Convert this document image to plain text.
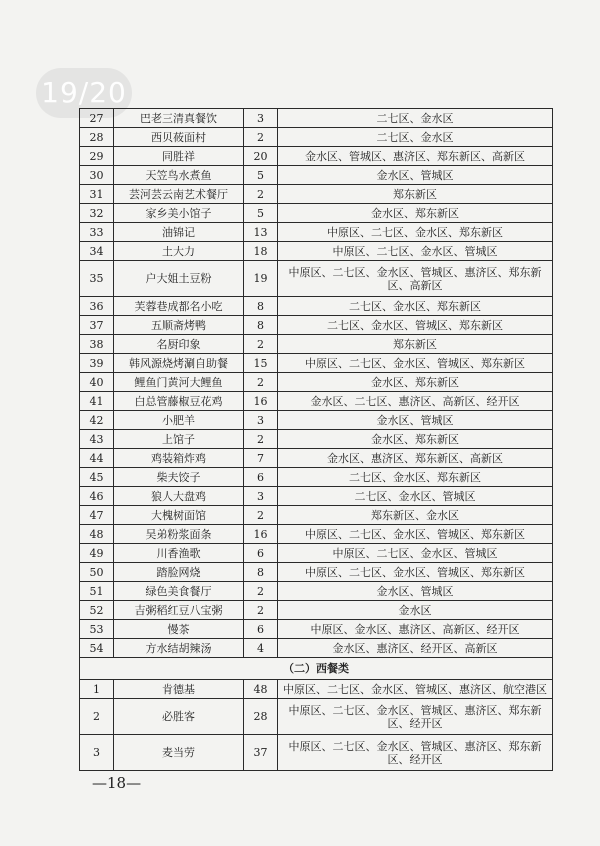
19/20
27	巴老三清真餐饮	3	二七区、金水区
28	西贝莜面村	2	二七区、金水区
29	同胜祥	20	金水区、管城区、惠济区、郑东新区、高新区
30	天笠鸟水煮鱼	5	金水区、管城区
31	芸河芸云南艺术餐厅	2	郑东新区
32	家乡美小馆子	5	金水区、郑东新区
33	油锦记	13	中原区、二七区、金水区、郑东新区
34	土大力	18	中原区、二七区、金水区、管城区
35	户大姐土豆粉	19	中原区、二七区、金水区、管城区、惠济区、郑东新区、高新区
36	芙蓉巷成都名小吃	8	二七区、金水区、郑东新区
37	五顺斋烤鸭	8	二七区、金水区、管城区、郑东新区
38	名厨印象	2	郑东新区
39	韩风源烧烤涮自助餐	15	中原区、二七区、金水区、管城区、郑东新区
40	鲤鱼门黄河大鲤鱼	2	金水区、郑东新区
41	白总管藤椒豆花鸡	16	金水区、二七区、惠济区、高新区、经开区
42	小肥羊	3	金水区、管城区
43	上馆子	2	金水区、郑东新区
44	鸡装箱炸鸡	7	金水区、惠济区、郑东新区、高新区
45	柴夫饺子	6	二七区、金水区、郑东新区
46	狼人大盘鸡	3	二七区、金水区、管城区
47	大槐树面馆	2	郑东新区、金水区
48	吴弟粉浆面条	16	中原区、二七区、金水区、管城区、郑东新区
49	川香渔歌	6	中原区、二七区、金水区、管城区
50	踏脸网烧	8	中原区、二七区、金水区、管城区、郑东新区
51	绿色美食餐厅	2	金水区、管城区
52	吉粥稻红豆八宝粥	2	金水区
53	慢茶	6	中原区、金水区、惠济区、高新区、经开区
54	方水结胡辣汤	4	金水区、惠济区、经开区、高新区
（二）西餐类			
1	肯德基	48	中原区、二七区、金水区、管城区、惠济区、航空港区
2	必胜客	28	中原区、二七区、金水区、管城区、惠济区、郑东新区、经开区
3	麦当劳	37	中原区、二七区、金水区、管城区、惠济区、郑东新区、经开区
—18—
